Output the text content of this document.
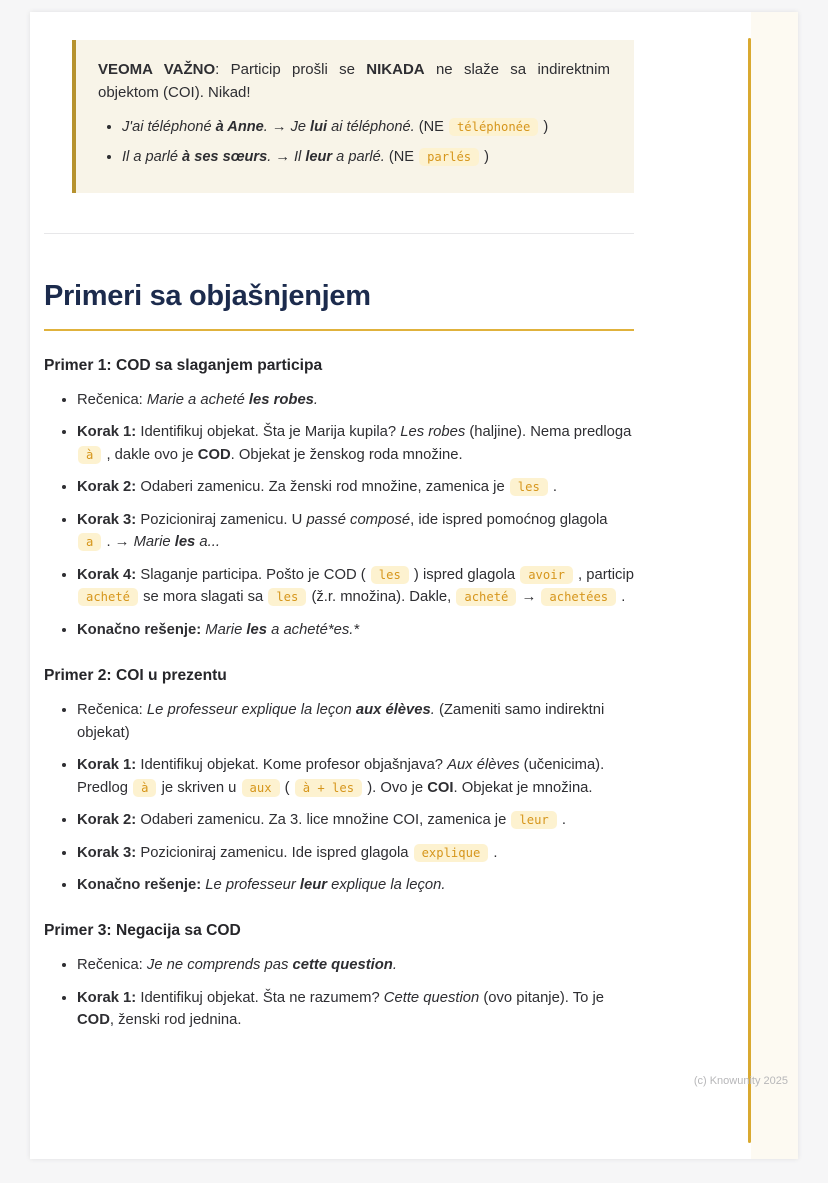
VEOMA VAŽNO: Particip prošli se NIKADA ne slaže sa indirektnim objektom (COI). Nikad!

• J'ai téléphoné à Anne. → Je lui ai téléphoné. (NE téléphonée )
• Il a parlé à ses sœurs. → Il leur a parlé. (NE parlés )
Primeri sa objašnjenjem
Primer 1: COD sa slaganjem participa
• Rečenica: Marie a acheté les robes.
• Korak 1: Identifikuj objekat. Šta je Marija kupila? Les robes (haljine). Nema predloga à , dakle ovo je COD. Objekat je ženskog roda množine.
• Korak 2: Odaberi zamenicu. Za ženski rod množine, zamenica je les .
• Korak 3: Pozicioniraj zamenicu. U passé composé, ide ispred pomoćnog glagola a . → Marie les a...
• Korak 4: Slaganje participa. Pošto je COD ( les ) ispred glagola avoir , particip acheté se mora slagati sa les (ž.r. množina). Dakle, acheté → achetées .
• Konačno rešenje: Marie les a acheté*es.*
Primer 2: COI u prezentu
• Rečenica: Le professeur explique la leçon aux élèves. (Zameniti samo indirektni objekat)
• Korak 1: Identifikuj objekat. Kome profesor objašnjava? Aux élèves (učenicima). Predlog à je skriven u aux ( à + les ). Ovo je COI. Objekat je množina.
• Korak 2: Odaberi zamenicu. Za 3. lice množine COI, zamenica je leur .
• Korak 3: Pozicioniraj zamenicu. Ide ispred glagola explique .
• Konačno rešenje: Le professeur leur explique la leçon.
Primer 3: Negacija sa COD
• Rečenica: Je ne comprends pas cette question.
• Korak 1: Identifikuj objekat. Šta ne razumem? Cette question (ovo pitanje). To je COD, ženski rod jednina.
(c) Knowunity 2025
